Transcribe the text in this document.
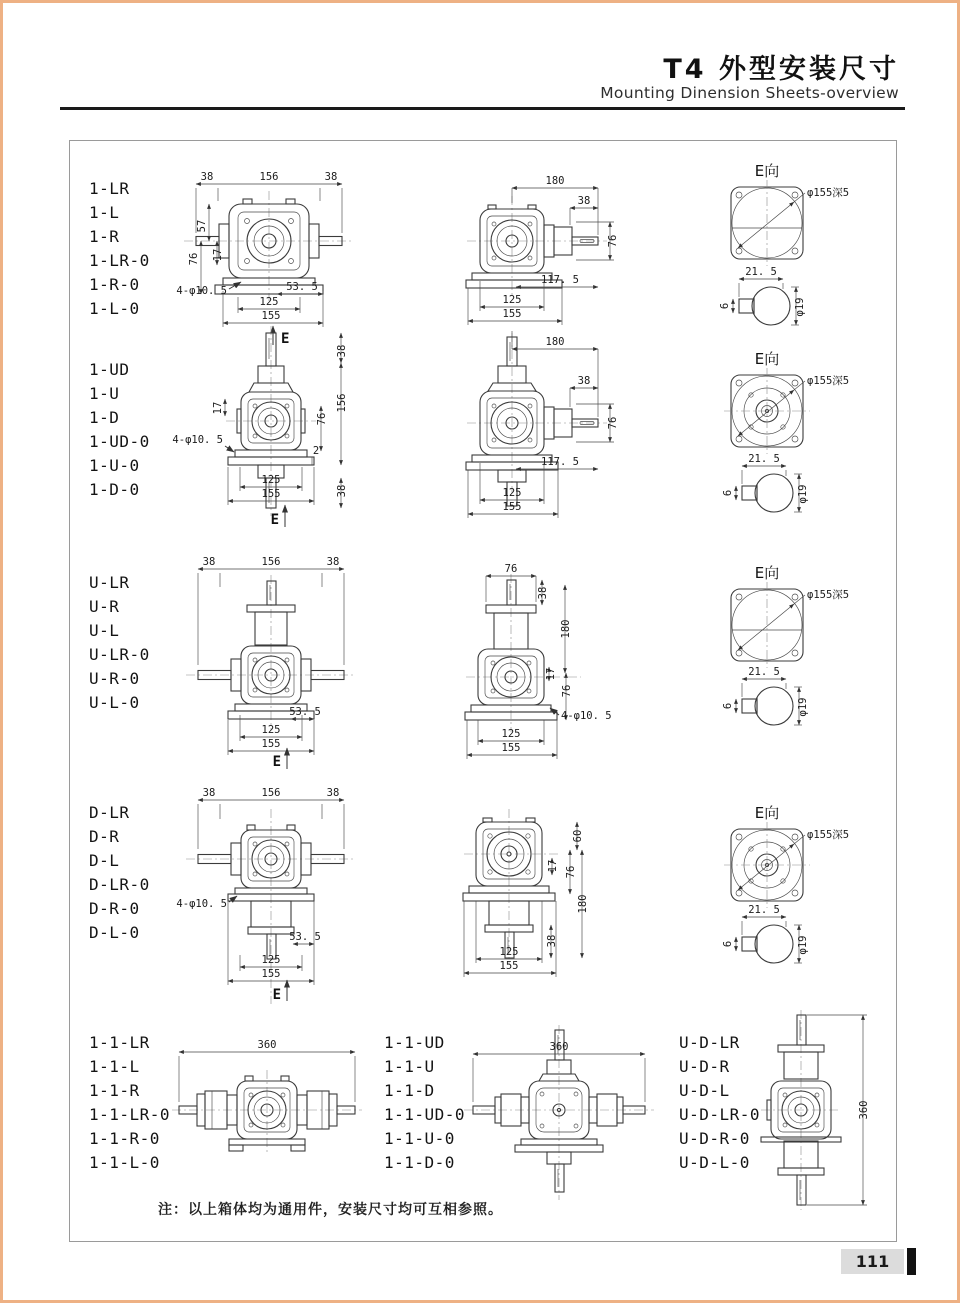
T4 外型安装尺寸
Mounting Dinension Sheets-overview
1-LR
1-L
1-R
1-LR-0
1-R-0
1-L-0
1-UD
1-U
1-D
1-UD-0
1-U-0
1-D-0
U-LR
U-R
U-L
U-LR-0
U-R-0
U-L-0
D-LR
D-R
D-L
D-LR-0
D-R-0
D-L-0
1-1-LR
1-1-L
1-1-R
1-1-LR-0
1-1-R-0
1-1-L-0
1-1-UD
1-1-U
1-1-D
1-1-UD-0
1-1-U-0
1-1-D-0
U-D-LR
U-D-R
U-D-L
U-D-LR-0
U-D-R-0
U-D-L-0
注：以上箱体均为通用件，安装尺寸均可互相参照。
38	156	38
57
76 17
4-φ10. 5
125
53. 5
155
E
180
38
76
117. 5
125
155
E向
φ155深5
21. 5
6	φ19
38
156
76
38
2
17
4-φ10. 5
125
155
E
180
38
76
117. 5
125
155
E向
φ155深5
21. 5
6	φ19
38	156	38
53. 5
125
155
E
76
38
180
17
76
4-φ10. 5
125
155
E向
φ155深5
21. 5
6	φ19
38	156	38
4-φ10. 5
53. 5
125
155
E
60
17 76
180
38
125
155
E向
φ155深5
21. 5
6	φ19
360	360
360
111
